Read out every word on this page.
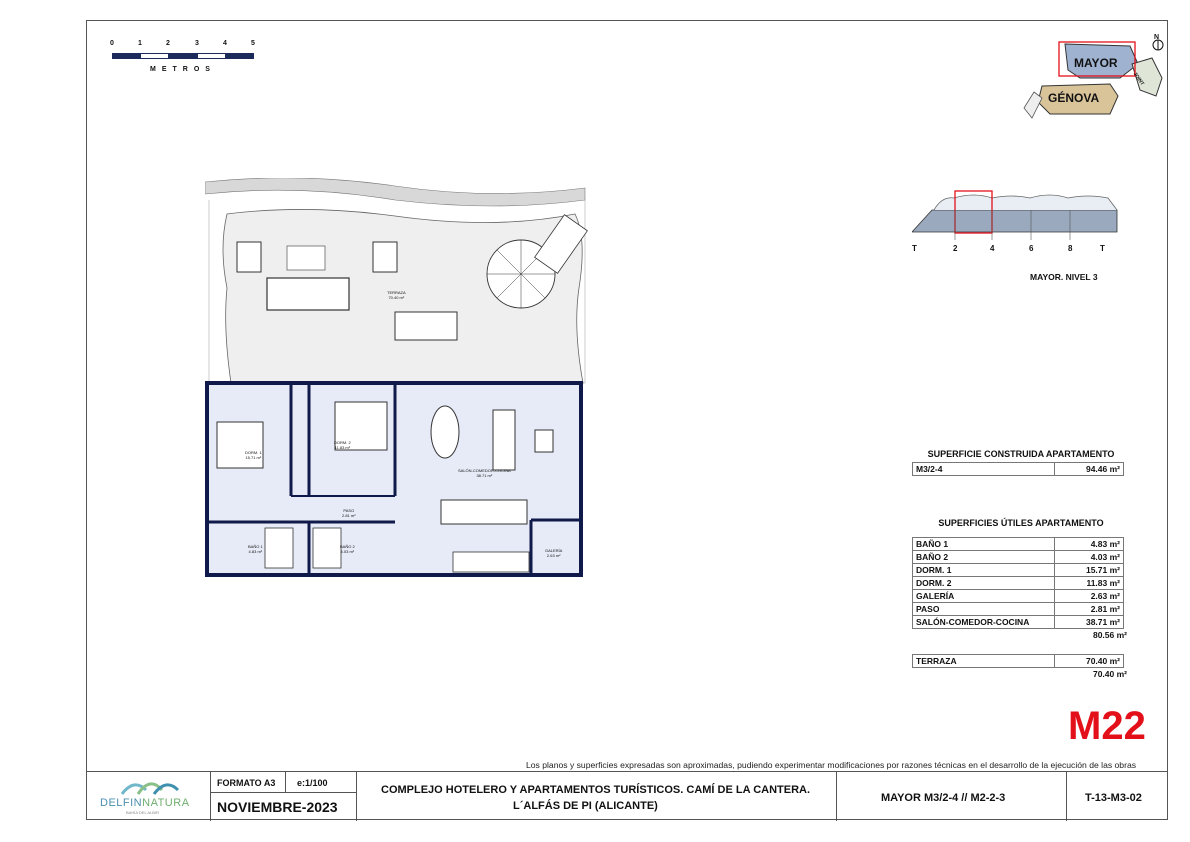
0	1	2	3	4	5
METROS
N
MAYOR
GÉNOVA
JOINT
T	2	4	6	8	T
MAYOR. NIVEL 3
TERRAZA
70.40 m²
DORM. 1
15.71 m²
DORM. 2
11.83 m²
SALÓN-COMEDOR-COCINA
38.71 m²
PASO
2.81 m²
BAÑO 1
4.83 m²
BAÑO 2
4.03 m²	GALERÍA
2.63 m²
SUPERFICIE CONSTRUIDA APARTAMENTO
M3/2-4	94.46 m²
SUPERFICIES ÚTILES APARTAMENTO
BAÑO 1	4.83 m²
BAÑO 2	4.03 m²
DORM. 1	15.71 m²
DORM. 2	11.83 m²
GALERÍA	2.63 m²
PASO	2.81 m²
SALÓN-COMEDOR-COCINA	38.71 m²
80.56 m²
TERRAZA	70.40 m²
70.40 m²
M22
Los planos y superficies expresadas son aproximadas, pudiendo experimentar modificaciones por razones técnicas en el desarrollo de la ejecución de las obras
DELFINNATURA
BAHÍA DEL ALBIR
FORMATO A3 e:1/100
NOVIEMBRE-2023
COMPLEJO HOTELERO Y APARTAMENTOS TURÍSTICOS. CAMÍ DE LA CANTERA.
L´ALFÁS DE PI (ALICANTE)
MAYOR M3/2-4 // M2-2-3	T-13-M3-02
